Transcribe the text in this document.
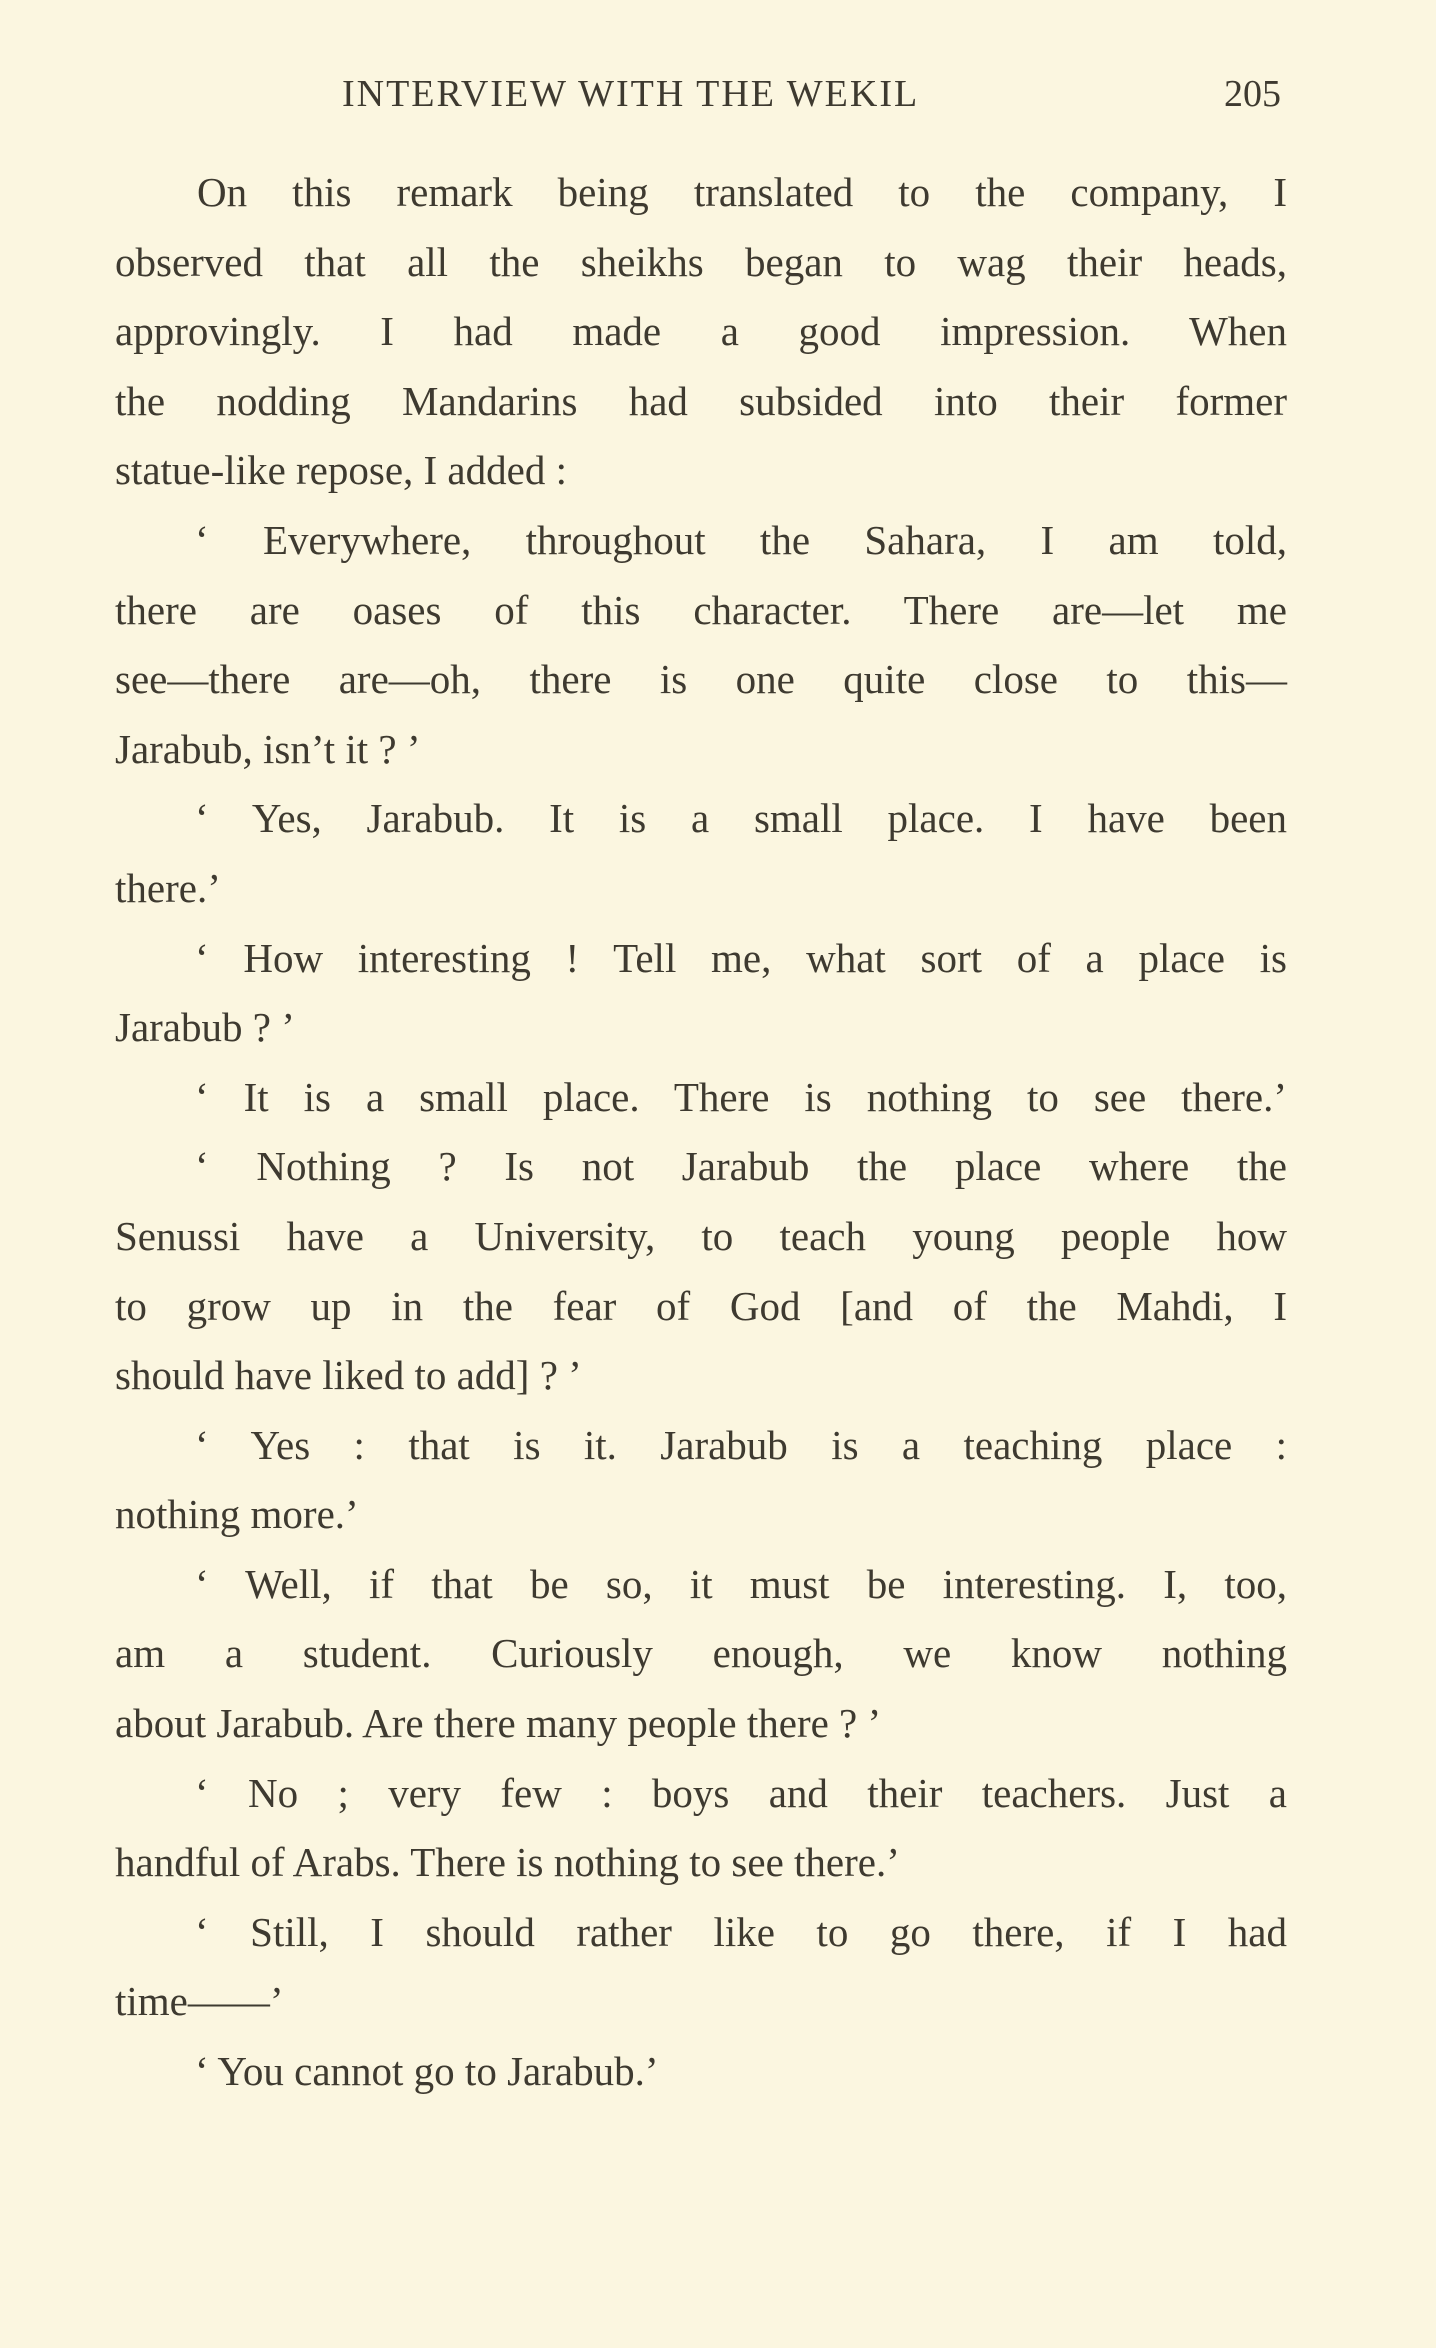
INTERVIEW WITH THE WEKIL	205
On this remark being translated to the company, I
observed that all the sheikhs began to wag their heads,
approvingly. I had made a good impression. When
the nodding Mandarins had subsided into their former
statue-like repose, I added :
‘ Everywhere, throughout the Sahara, I am told,
there are oases of this character. There are—let me
see—there are—oh, there is one quite close to this—
Jarabub, isn’t it ? ’
‘ Yes, Jarabub. It is a small place. I have been
there.’
‘ How interesting ! Tell me, what sort of a place is
Jarabub ? ’
‘ It is a small place. There is nothing to see there.’
‘ Nothing ? Is not Jarabub the place where the
Senussi have a University, to teach young people how
to grow up in the fear of God [and of the Mahdi, I
should have liked to add] ? ’
‘ Yes : that is it. Jarabub is a teaching place :
nothing more.’
‘ Well, if that be so, it must be interesting. I, too,
am a student. Curiously enough, we know nothing
about Jarabub. Are there many people there ? ’
‘ No ; very few : boys and their teachers. Just a
handful of Arabs. There is nothing to see there.’
‘ Still, I should rather like to go there, if I had
time——’
‘ You cannot go to Jarabub.’
